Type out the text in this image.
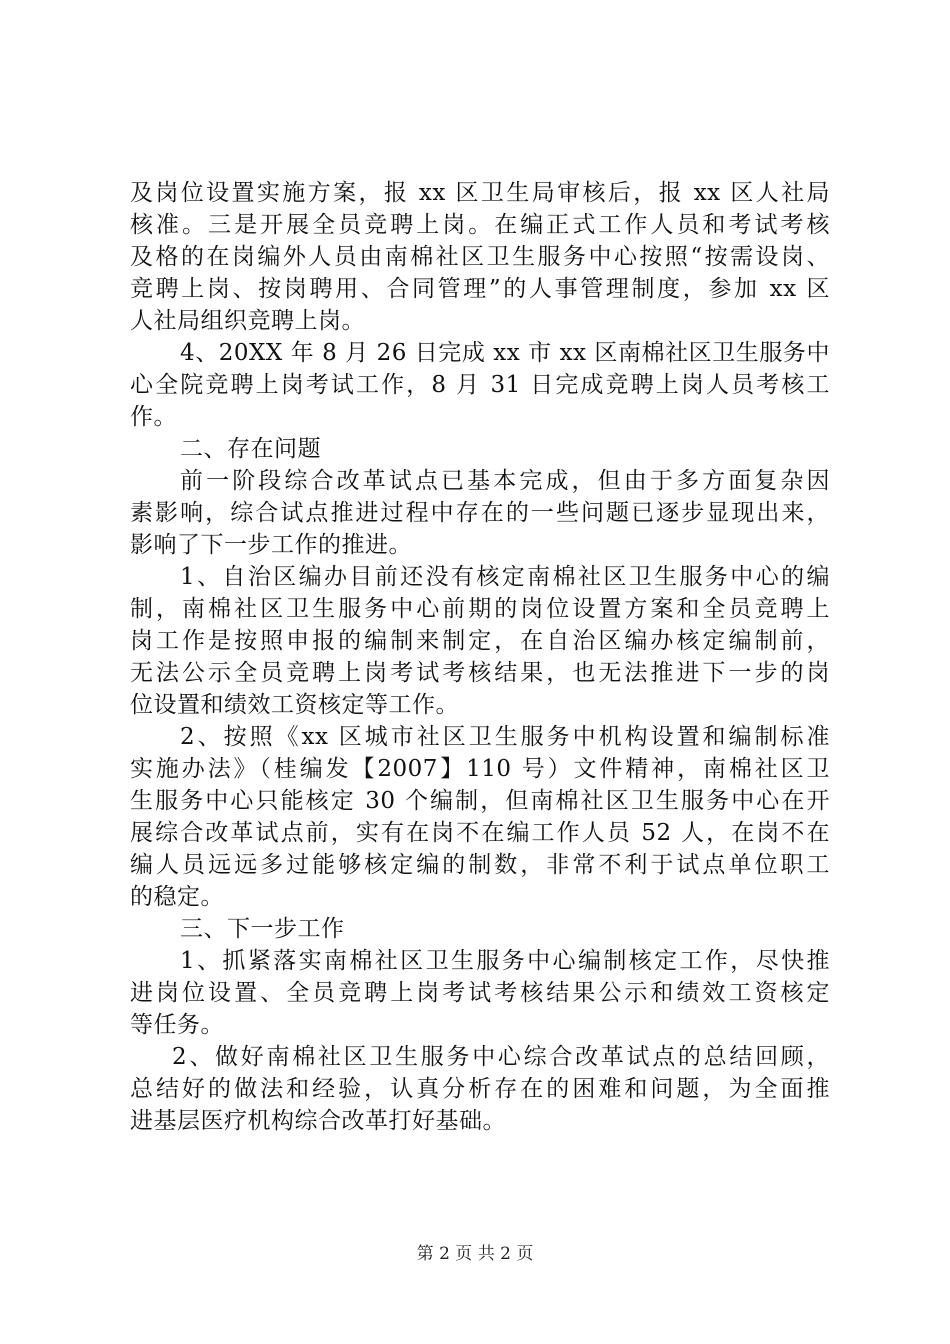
及岗位设置实施方案，报 xx 区卫生局审核后，报 xx 区人社局
核准。三是开展全员竞聘上岗。在编正式工作人员和考试考核
及格的在岗编外人员由南棉社区卫生服务中心按照“按需设岗、
竞聘上岗、按岗聘用、合同管理”的人事管理制度，参加 xx 区
人社局组织竞聘上岗。
4、20XX 年 8 月 26 日完成 xx 市 xx 区南棉社区卫生服务中
心全院竞聘上岗考试工作，8 月 31 日完成竞聘上岗人员考核工
作。
二、存在问题
前一阶段综合改革试点已基本完成，但由于多方面复杂因
素影响，综合试点推进过程中存在的一些问题已逐步显现出来，
影响了下一步工作的推进。
1、自治区编办目前还没有核定南棉社区卫生服务中心的编
制，南棉社区卫生服务中心前期的岗位设置方案和全员竞聘上
岗工作是按照申报的编制来制定，在自治区编办核定编制前，
无法公示全员竞聘上岗考试考核结果，也无法推进下一步的岗
位设置和绩效工资核定等工作。
2、按照《xx 区城市社区卫生服务中机构设置和编制标准
实施办法》（桂编发【2007】110 号）文件精神，南棉社区卫
生服务中心只能核定 30 个编制，但南棉社区卫生服务中心在开
展综合改革试点前，实有在岗不在编工作人员 52 人，在岗不在
编人员远远多过能够核定编的制数，非常不利于试点单位职工
的稳定。
三、下一步工作
1、抓紧落实南棉社区卫生服务中心编制核定工作，尽快推
进岗位设置、全员竞聘上岗考试考核结果公示和绩效工资核定
等任务。
2、做好南棉社区卫生服务中心综合改革试点的总结回顾，
总结好的做法和经验，认真分析存在的困难和问题，为全面推
进基层医疗机构综合改革打好基础。
第 2 页 共 2 页
